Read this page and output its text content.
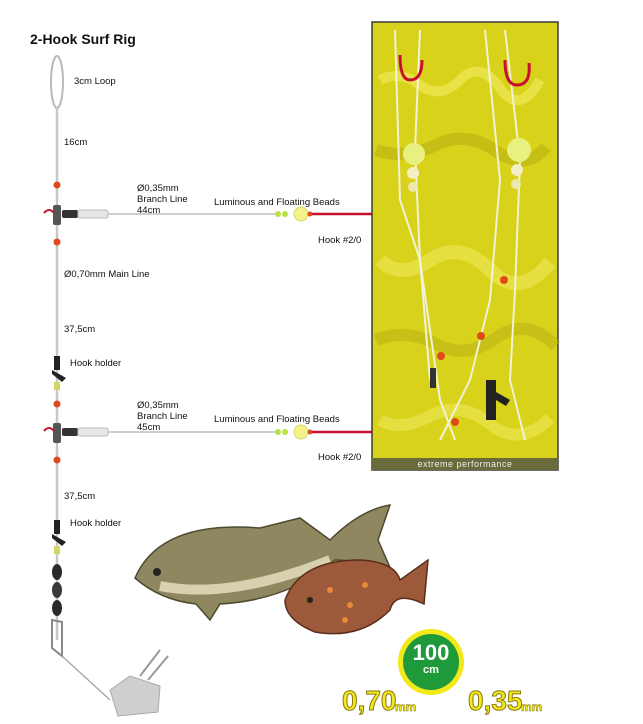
2-Hook Surf Rig
3cm Loop
16cm
Ø0,35mm
Branch Line
44cm
Luminous and Floating Beads
Hook #2/0
Ø0,70mm Main Line
37,5cm
Hook holder
Ø0,35mm
Branch Line
45cm
Luminous and Floating Beads
Hook #2/0
37,5cm
Hook holder
extreme performance
100
cm
0,70
mm 0,35
mm
